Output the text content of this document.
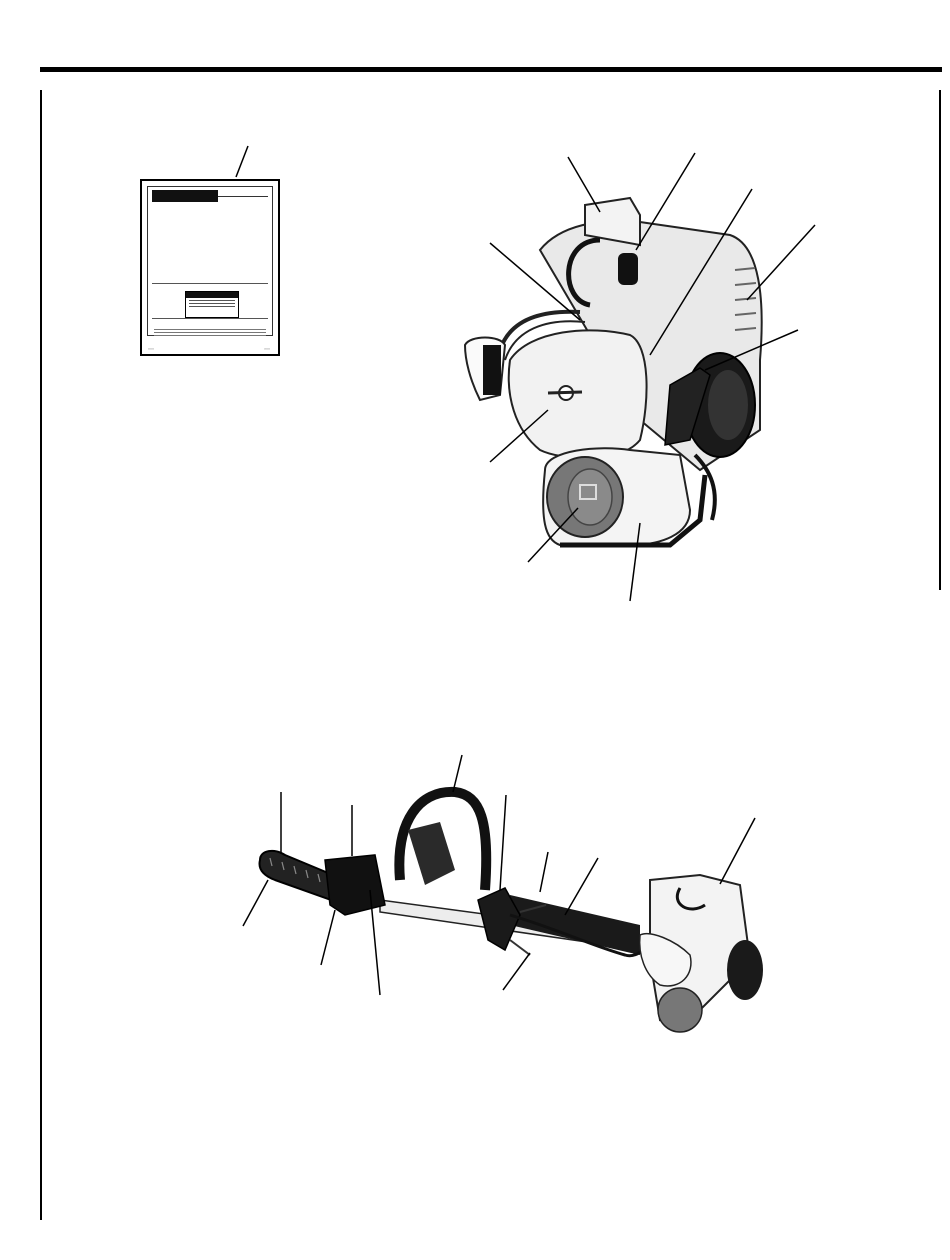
×××	×××
